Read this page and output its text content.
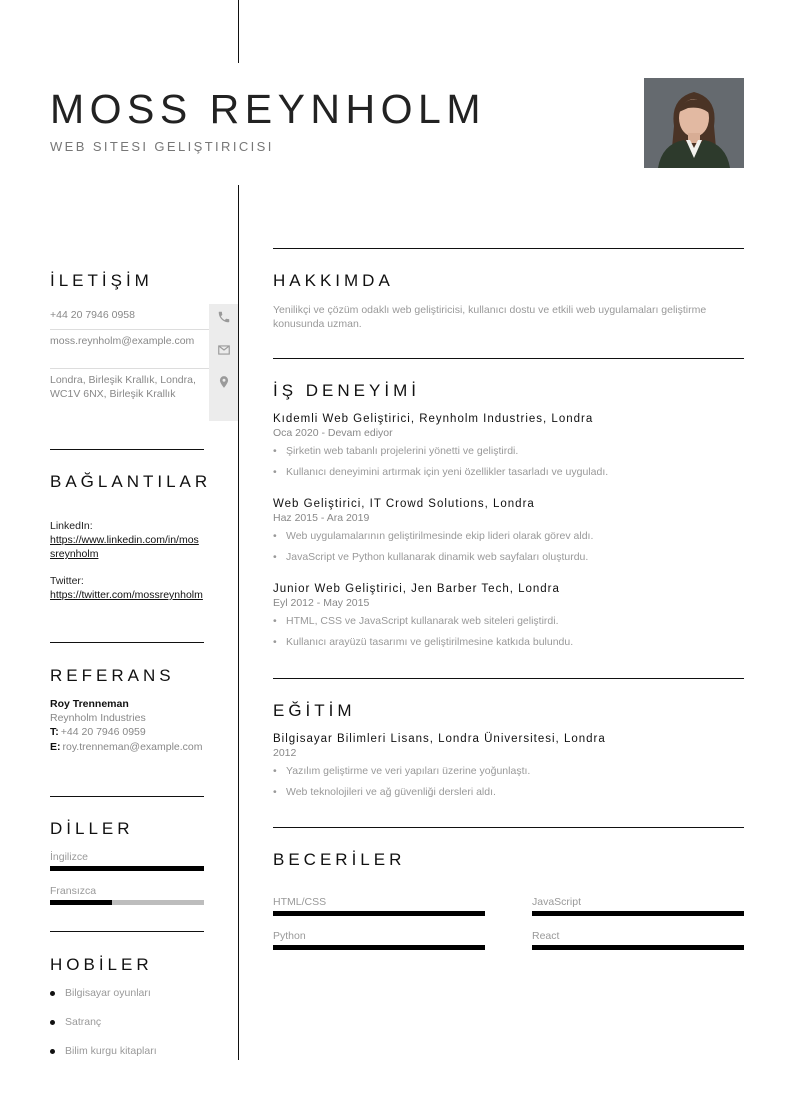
MOSS REYNHOLM
WEB SITESI GELIŞTIRICISI
İLETİŞİM
+44 20 7946 0958
moss.reynholm@example.com
Londra, Birleşik Krallık, Londra, WC1V 6NX, Birleşik Krallık
BAĞLANTILAR
LinkedIn:
https://www.linkedin.com/in/mossreynholm
Twitter:
https://twitter.com/mossreynholm
REFERANS
Roy Trenneman
Reynholm Industries
T: +44 20 7946 0959
E: roy.trenneman@example.com
DİLLER
İngilizce
Fransızca
HOBİLER
Bilgisayar oyunları
Satranç
Bilim kurgu kitapları
HAKKIMDA
Yenilikçi ve çözüm odaklı web geliştiricisi, kullanıcı dostu ve etkili web uygulamaları geliştirme konusunda uzman.
İŞ DENEYİMİ
Kıdemli Web Geliştirici, Reynholm Industries, Londra
Oca 2020 - Devam ediyor
• Şirketin web tabanlı projelerini yönetti ve geliştirdi.
• Kullanıcı deneyimini artırmak için yeni özellikler tasarladı ve uyguladı.
Web Geliştirici, IT Crowd Solutions, Londra
Haz 2015 - Ara 2019
• Web uygulamalarının geliştirilmesinde ekip lideri olarak görev aldı.
• JavaScript ve Python kullanarak dinamik web sayfaları oluşturdu.
Junior Web Geliştirici, Jen Barber Tech, Londra
Eyl 2012 - May 2015
• HTML, CSS ve JavaScript kullanarak web siteleri geliştirdi.
• Kullanıcı arayüzü tasarımı ve geliştirilmesine katkıda bulundu.
EĞİTİM
Bilgisayar Bilimleri Lisans, Londra Üniversitesi, Londra
2012
• Yazılım geliştirme ve veri yapıları üzerine yoğunlaştı.
• Web teknolojileri ve ağ güvenliği dersleri aldı.
BECERİLER
HTML/CSS	JavaScript
Python	React
